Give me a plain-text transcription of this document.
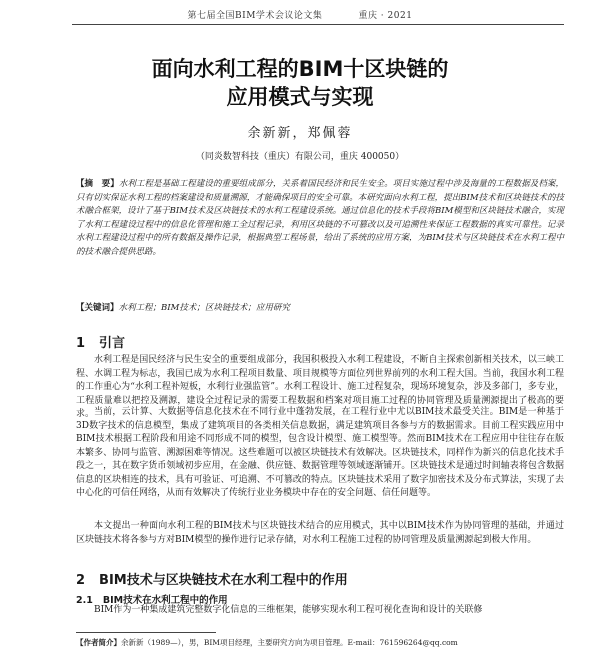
第七届全国BIM学术会议论文集	重庆 · 2021
面向水利工程的BIM十区块链的
应用模式与实现
余新新，郑佩蓉
（同炎数智科技（重庆）有限公司，重庆 400050）
【摘　要】水利工程是基础工程建设的重要组成部分，关系着国民经济和民生安全。项目实施过程中涉及海量的工程数据及档案，只有切实保证水利工程的档案建设和质量溯源，才能确保项目的安全可靠。本研究面向水利工程，提出BIM技术和区块链技术的技术融合框架，设计了基于BIM技术及区块链技术的水利工程建设系统。通过信息化的技术手段将BIM模型和区块链技术融合，实现了水利工程建设过程中的信息化管理和施工全过程记录，利用区块链的不可篡改以及可追溯性来保证工程数据的真实可靠性。记录水利工程建设过程中的所有数据及操作记录，根据典型工程场景，给出了系统的应用方案，为BIM技术与区块链技术在水利工程中的技术融合提供思路。
【关键词】水利工程；BIM技术；区块链技术；应用研究
1 引言
水利工程是国民经济与民生安全的重要组成部分，我国积极投入水利工程建设，不断自主探索创新相关技术，以三峡工程、水调工程为标志，我国已成为水利工程项目数量、项目规模等方面位列世界前列的水利工程大国。当前，我国水利工程的工作重心为“水利工程补短板，水利行业强监管”。水利工程设计、施工过程复杂，现场环境复杂，涉及多部门，多专业，工程质量难以把控及溯源，建设全过程记录的需要工程数据和档案对项目施工过程的协同管理及质量溯源提出了极高的要求。 当前，云计算、大数据等信息化技术在不同行业中蓬勃发展，在工程行业中尤以BIM技术最受关注。BIM是一种基于3D数字技术的信息模型，集成了建筑项目的各类相关信息数据，满足建筑项目各参与方的数据需求。目前工程实践应用中BIM技术根据工程阶段和用途不同形成不同的模型，包含设计模型、施工模型等。然而BIM技术在工程应用中往往存在版本繁多、协同与监管、溯源困难等情况。这些难题可以被区块链技术有效解决。区块链技术，同样作为新兴的信息化技术手段之一，其在数字货币领域初步应用，在金融、供应链、数据管理等领域逐渐铺开。区块链技术是通过时间轴表将包含数据信息的区块相连的技术，具有可验证、可追溯、不可篡改的特点。区块链技术采用了数字加密技术及分布式算法，实现了去中心化的可信任网络，从而有效解决了传统行业业务模块中存在的安全问题、信任问题等。
本文提出一种面向水利工程的BIM技术与区块链技术结合的应用模式，其中以BIM技术作为协同管理的基础，并通过区块链技术将各参与方对BIM模型的操作进行记录存储，对水利工程施工过程的协同管理及质量溯源起到极大作用。
2 BIM技术与区块链技术在水利工程中的作用
2.1 BIM技术在水利工程中的作用
BIM作为一种集成建筑完整数字化信息的三维框架，能够实现水利工程可视化查询和设计的关联修
【作者简介】余新新（1989—），男，BIM项目经理，主要研究方向为项目管理。E-mail：761596264@qq.com
